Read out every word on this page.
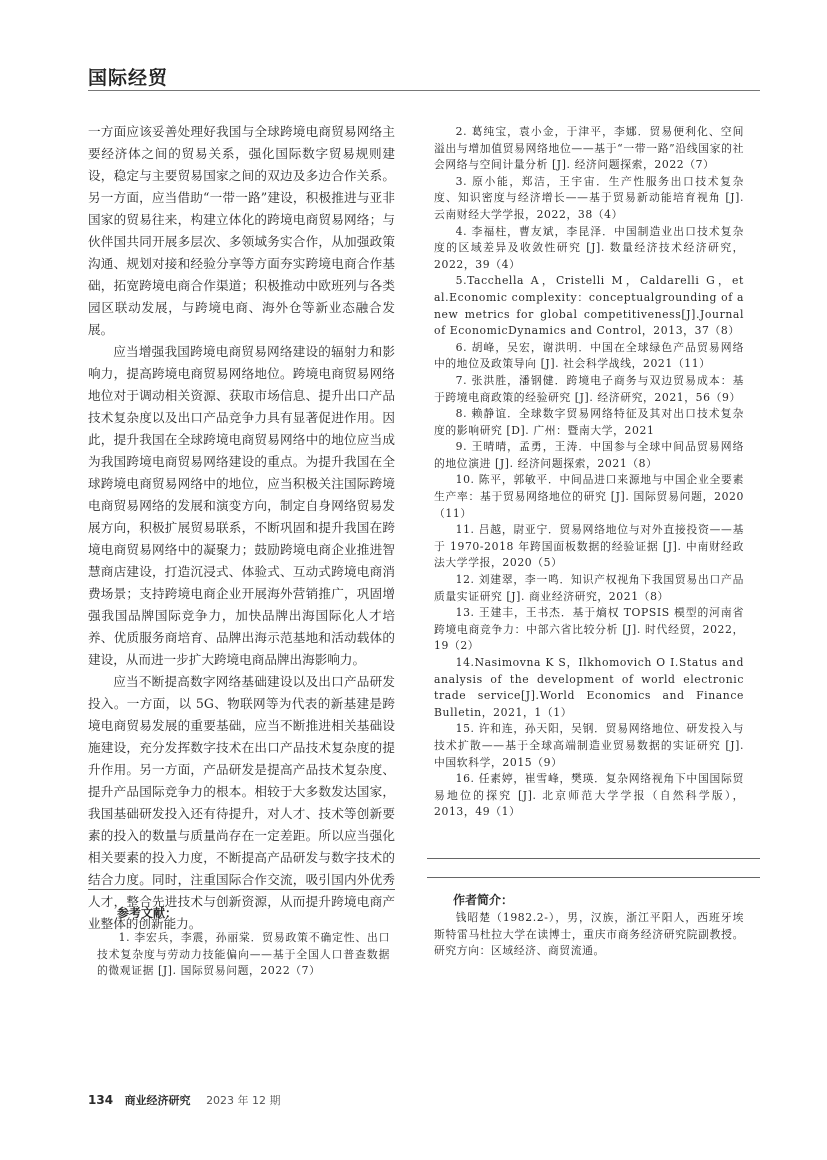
国际经贸

一方面应该妥善处理好我国与全球跨境电商贸易网络主要经济体之间的贸易关系，强化国际数字贸易规则建设，稳定与主要贸易国家之间的双边及多边合作关系。另一方面，应当借助“一带一路”建设，积极推进与亚非国家的贸易往来，构建立体化的跨境电商贸易网络；与伙伴国共同开展多层次、多领域务实合作，从加强政策沟通、规划对接和经验分享等方面夯实跨境电商合作基础，拓宽跨境电商合作渠道；积极推动中欧班列与各类园区联动发展，与跨境电商、海外仓等新业态融合发展。

应当增强我国跨境电商贸易网络建设的辐射力和影响力，提高跨境电商贸易网络地位。跨境电商贸易网络地位对于调动相关资源、获取市场信息、提升出口产品技术复杂度以及出口产品竞争力具有显著促进作用。因此，提升我国在全球跨境电商贸易网络中的地位应当成为我国跨境电商贸易网络建设的重点。为提升我国在全球跨境电商贸易网络中的地位，应当积极关注国际跨境电商贸易网络的发展和演变方向，制定自身网络贸易发展方向，积极扩展贸易联系，不断巩固和提升我国在跨境电商贸易网络中的凝聚力；鼓励跨境电商企业推进智慧商店建设，打造沉浸式、体验式、互动式跨境电商消费场景；支持跨境电商企业开展海外营销推广，巩固增强我国品牌国际竞争力，加快品牌出海国际化人才培养、优质服务商培育、品牌出海示范基地和活动载体的建设，从而进一步扩大跨境电商品牌出海影响力。

应当不断提高数字网络基础建设以及出口产品研发投入。一方面，以 5G、物联网等为代表的新基建是跨境电商贸易发展的重要基础，应当不断推进相关基础设施建设，充分发挥数字技术在出口产品技术复杂度的提升作用。另一方面，产品研发是提高产品技术复杂度、提升产品国际竞争力的根本。相较于大多数发达国家，我国基础研发投入还有待提升，对人才、技术等创新要素的投入的数量与质量尚存在一定差距。所以应当强化相关要素的投入力度，不断提高产品研发与数字技术的结合力度。同时，注重国际合作交流，吸引国内外优秀人才，整合先进技术与创新资源，从而提升跨境电商产业整体的创新能力。

参考文献：

1. 李宏兵，李震，孙丽棠．贸易政策不确定性、出口技术复杂度与劳动力技能偏向——基于全国人口普查数据的微观证据 [J]. 国际贸易问题，2022（7）

2. 葛纯宝，袁小金，于津平，李娜．贸易便利化、空间溢出与增加值贸易网络地位——基于“一带一路”沿线国家的社会网络与空间计量分析 [J]. 经济问题探索，2022（7）

3. 原小能，郑洁，王宇宙．生产性服务出口技术复杂度、知识密度与经济增长——基于贸易新动能培育视角 [J]. 云南财经大学学报，2022，38（4）

4. 李福柱，曹友斌，李昆泽．中国制造业出口技术复杂度的区域差异及收敛性研究 [J]. 数量经济技术经济研究，2022，39（4）

5.Tacchella A，Cristelli M，Caldarelli G，et al.Economic complexity：conceptualgrounding of a new metrics for global competitiveness[J].Journal of EconomicDynamics and Control，2013，37（8）

6. 胡峰，吴宏，谢洪明．中国在全球绿色产品贸易网络中的地位及政策导向 [J]. 社会科学战线，2021（11）

7. 张洪胜，潘钢健．跨境电子商务与双边贸易成本：基于跨境电商政策的经验研究 [J]. 经济研究，2021，56（9）

8. 赖静谊．全球数字贸易网络特征及其对出口技术复杂度的影响研究 [D]. 广州：暨南大学，2021

9. 王晴晴，孟勇，王涛．中国参与全球中间品贸易网络的地位演进 [J]. 经济问题探索，2021（8）

10. 陈平，郭敏平．中间品进口来源地与中国企业全要素生产率：基于贸易网络地位的研究 [J]. 国际贸易问题，2020（11）

11. 吕越，尉亚宁．贸易网络地位与对外直接投资——基于 1970-2018 年跨国面板数据的经验证据 [J]. 中南财经政法大学学报，2020（5）

12. 刘建翠，李一鸣．知识产权视角下我国贸易出口产品质量实证研究 [J]. 商业经济研究，2021（8）

13. 王建丰，王书杰．基于熵权 TOPSIS 模型的河南省跨境电商竞争力：中部六省比较分析 [J]. 时代经贸，2022，19（2）

14.Nasimovna K S，Ilkhomovich O I.Status and analysis of the development of world electronic trade service[J].World Economics and Finance Bulletin，2021，1（1）

15. 许和连，孙天阳，吴钢．贸易网络地位、研发投入与技术扩散——基于全球高端制造业贸易数据的实证研究 [J]. 中国软科学，2015（9）

16. 任素婷，崔雪峰，樊瑛．复杂网络视角下中国国际贸易地位的探究 [J]. 北京师范大学学报（自然科学版），2013，49（1）

作者简介：

钱昭楚（1982.2-），男，汉族，浙江平阳人，西班牙埃斯特雷马杜拉大学在读博士，重庆市商务经济研究院副教授。研究方向：区域经济、商贸流通。

134 商业经济研究 2023 年 12 期
